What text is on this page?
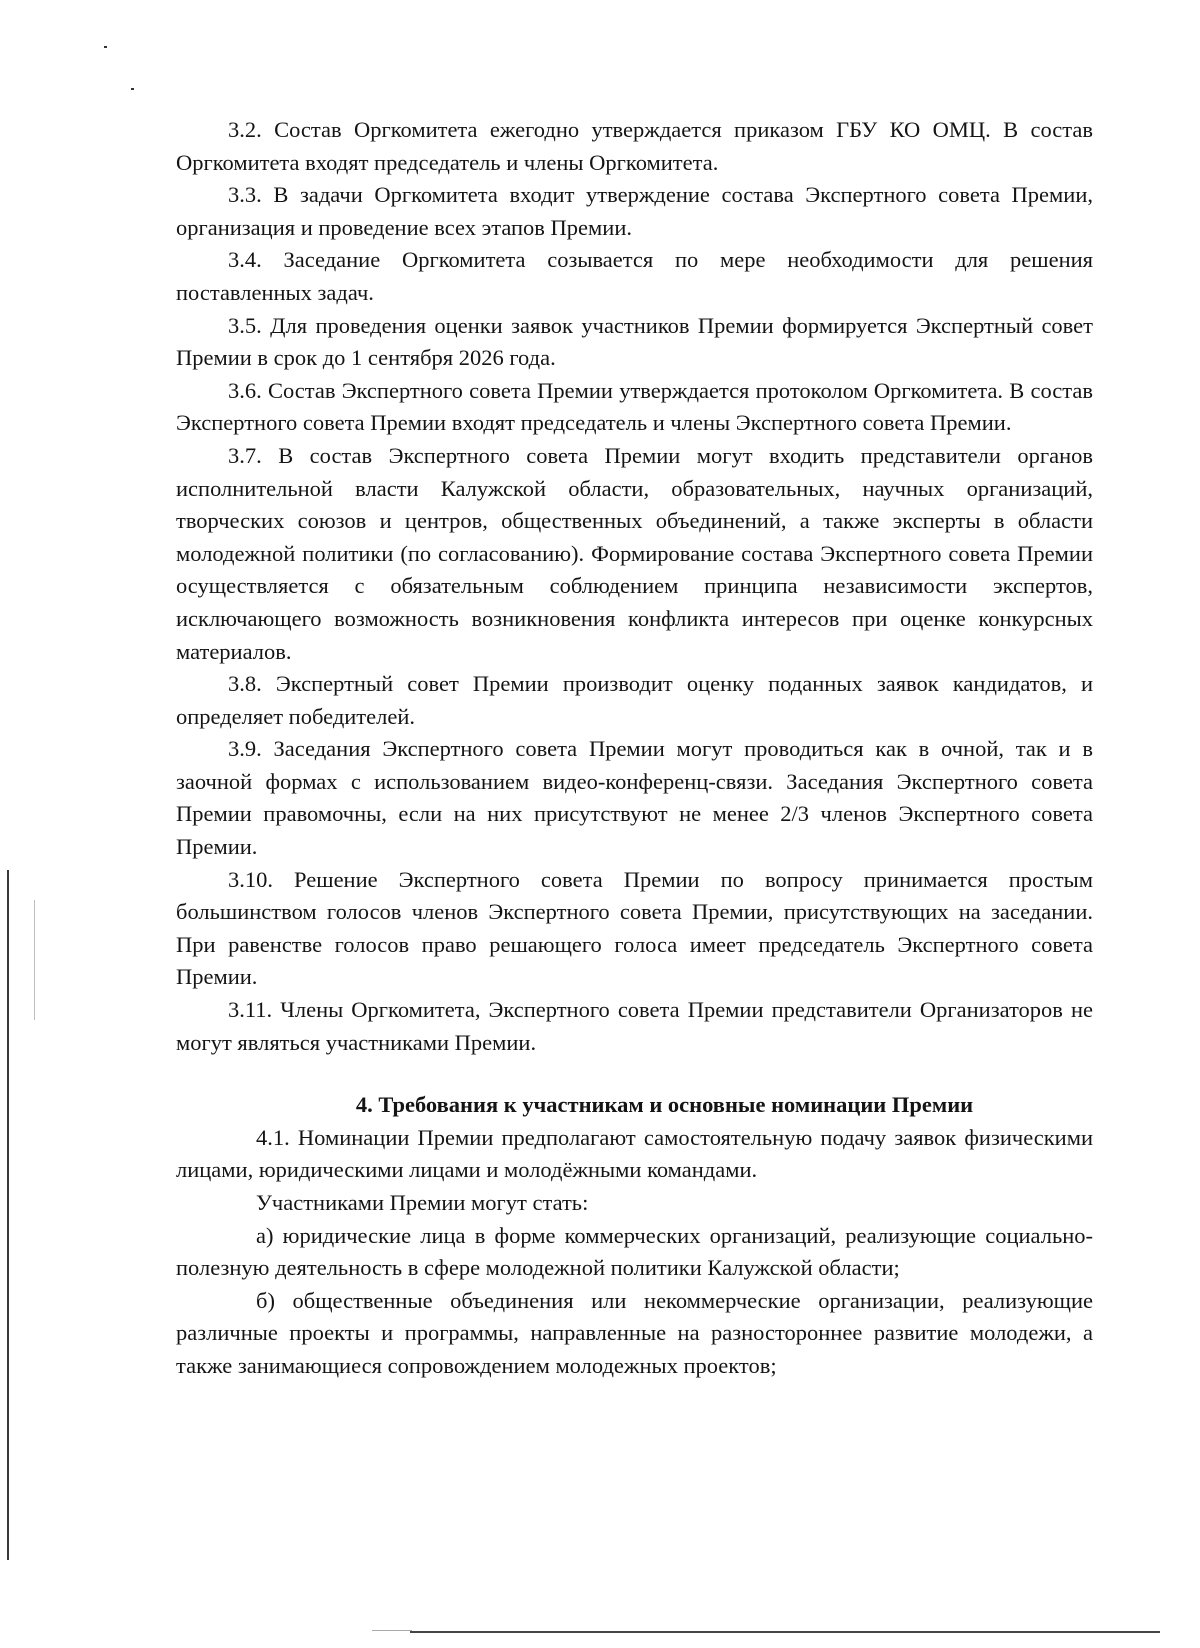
3.2. Состав Оргкомитета ежегодно утверждается приказом ГБУ КО ОМЦ. В состав Оргкомитета входят председатель и члены Оргкомитета.

3.3. В задачи Оргкомитета входит утверждение состава Экспертного совета Премии, организация и проведение всех этапов Премии.

3.4. Заседание Оргкомитета созывается по мере необходимости для решения поставленных задач.

3.5. Для проведения оценки заявок участников Премии формируется Экспертный совет Премии в срок до 1 сентября 2026 года.

3.6. Состав Экспертного совета Премии утверждается протоколом Оргкомитета. В состав Экспертного совета Премии входят председатель и члены Экспертного совета Премии.

3.7. В состав Экспертного совета Премии могут входить представители органов исполнительной власти Калужской области, образовательных, научных организаций, творческих союзов и центров, общественных объединений, а также эксперты в области молодежной политики (по согласованию). Формирование состава Экспертного совета Премии осуществляется с обязательным соблюдением принципа независимости экспертов, исключающего возможность возникновения конфликта интересов при оценке конкурсных материалов.

3.8. Экспертный совет Премии производит оценку поданных заявок кандидатов, и определяет победителей.

3.9. Заседания Экспертного совета Премии могут проводиться как в очной, так и в заочной формах с использованием видео-конференц-связи. Заседания Экспертного совета Премии правомочны, если на них присутствуют не менее 2/3 членов Экспертного совета Премии.

3.10. Решение Экспертного совета Премии по вопросу принимается простым большинством голосов членов Экспертного совета Премии, присутствующих на заседании. При равенстве голосов право решающего голоса имеет председатель Экспертного совета Премии.

3.11. Члены Оргкомитета, Экспертного совета Премии представители Организаторов не могут являться участниками Премии.

4. Требования к участникам и основные номинации Премии

4.1. Номинации Премии предполагают самостоятельную подачу заявок физическими лицами, юридическими лицами и молодёжными командами.

Участниками Премии могут стать:

а) юридические лица в форме коммерческих организаций, реализующие социально-полезную деятельность в сфере молодежной политики Калужской области;

б) общественные объединения или некоммерческие организации, реализующие различные проекты и программы, направленные на разностороннее развитие молодежи, а также занимающиеся сопровождением молодежных проектов;
